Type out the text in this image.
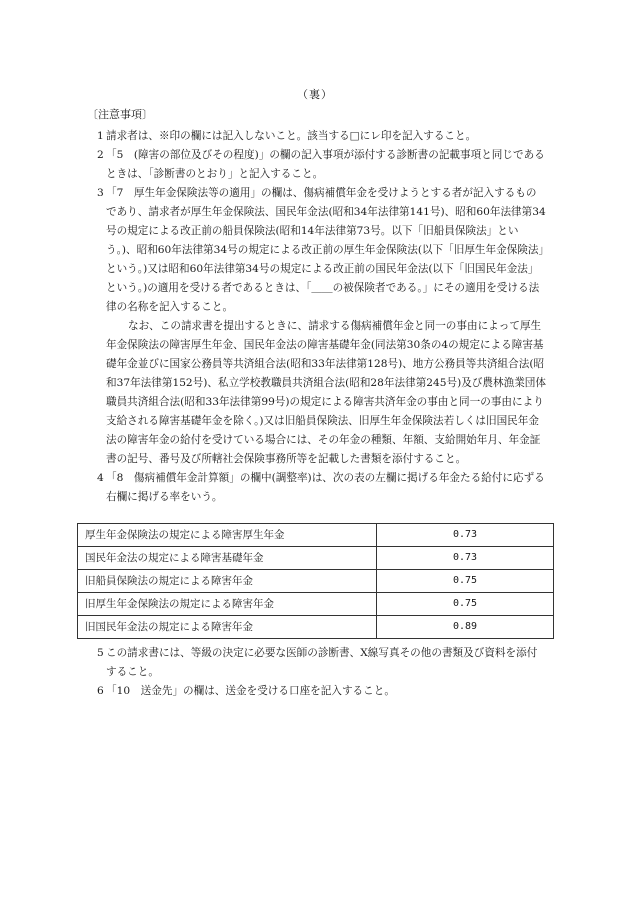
（裏）
〔注意事項〕

1 請求者は、※印の欄には記入しないこと。該当する□にレ印を記入すること。

2 「5　(障害の部位及びその程度)」の欄の記入事項が添付する診断書の記載事項と同じであるときは、「診断書のとおり」と記入すること。

3 「7　厚生年金保険法等の適用」の欄は、傷病補償年金を受けようとする者が記入するものであり、請求者が厚生年金保険法、国民年金法(昭和34年法律第141号)、昭和60年法律第34号の規定による改正前の船員保険法(昭和14年法律第73号。以下「旧船員保険法」という。)、昭和60年法律第34号の規定による改正前の厚生年金保険法(以下「旧厚生年金保険法」という。)又は昭和60年法律第34号の規定による改正前の国民年金法(以下「旧国民年金法」という。)の適用を受ける者であるときは、「＿＿の被保険者である。」にその適用を受ける法律の名称を記入すること。

なお、この請求書を提出するときに、請求する傷病補償年金と同一の事由によって厚生年金保険法の障害厚生年金、国民年金法の障害基礎年金(同法第30条の4の規定による障害基礎年金並びに国家公務員等共済組合法(昭和33年法律第128号)、地方公務員等共済組合法(昭和37年法律第152号)、私立学校教職員共済組合法(昭和28年法律第245号)及び農林漁業団体職員共済組合法(昭和33年法律第99号)の規定による障害共済年金の事由と同一の事由により支給される障害基礎年金を除く。)又は旧船員保険法、旧厚生年金保険法若しくは旧国民年金法の障害年金の給付を受けている場合には、その年金の種類、年額、支給開始年月、年金証書の記号、番号及び所轄社会保険事務所等を記載した書類を添付すること。

4 「8　傷病補償年金計算額」の欄中(調整率)は、次の表の左欄に掲げる年金たる給付に応ずる右欄に掲げる率をいう。

厚生年金保険法の規定による障害厚生年金	0.73
国民年金法の規定による障害基礎年金	0.73
旧船員保険法の規定による障害年金	0.75
旧厚生年金保険法の規定による障害年金	0.75
旧国民年金法の規定による障害年金	0.89

5 この請求書には、等級の決定に必要な医師の診断書、X線写真その他の書類及び資料を添付すること。

6 「10　送金先」の欄は、送金を受ける口座を記入すること。
